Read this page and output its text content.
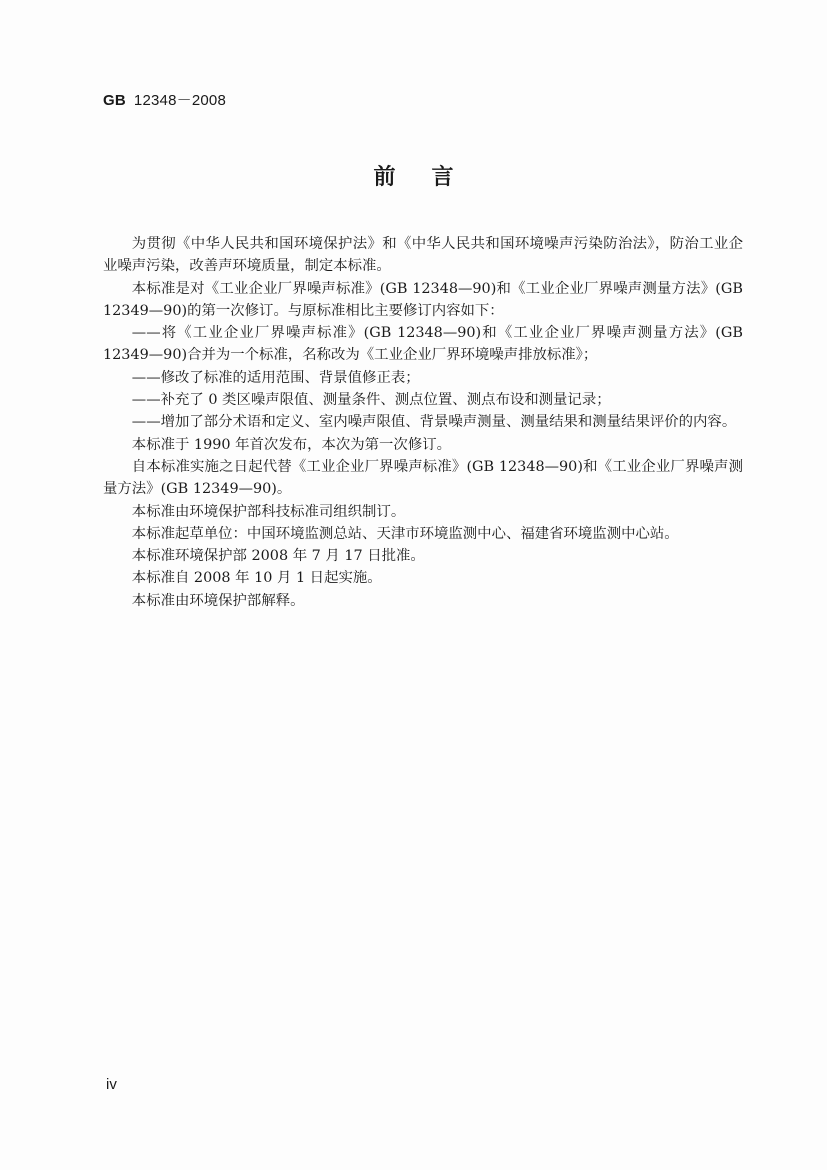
GB 12348－2008
前言

为贯彻《中华人民共和国环境保护法》和《中华人民共和国环境噪声污染防治法》，防治工业企业噪声污染，改善声环境质量，制定本标准。

本标准是对《工业企业厂界噪声标准》(GB 12348—90)和《工业企业厂界噪声测量方法》(GB 12349—90)的第一次修订。与原标准相比主要修订内容如下：

——将《工业企业厂界噪声标准》(GB 12348—90)和《工业企业厂界噪声测量方法》(GB 12349—90)合并为一个标准，名称改为《工业企业厂界环境噪声排放标准》；

——修改了标准的适用范围、背景值修正表；

——补充了 0 类区噪声限值、测量条件、测点位置、测点布设和测量记录；

——增加了部分术语和定义、室内噪声限值、背景噪声测量、测量结果和测量结果评价的内容。

本标准于 1990 年首次发布，本次为第一次修订。

自本标准实施之日起代替《工业企业厂界噪声标准》(GB 12348—90)和《工业企业厂界噪声测量方法》(GB 12349—90)。

本标准由环境保护部科技标准司组织制订。

本标准起草单位：中国环境监测总站、天津市环境监测中心、福建省环境监测中心站。

本标准环境保护部 2008 年 7 月 17 日批准。

本标准自 2008 年 10 月 1 日起实施。

本标准由环境保护部解释。

iv
